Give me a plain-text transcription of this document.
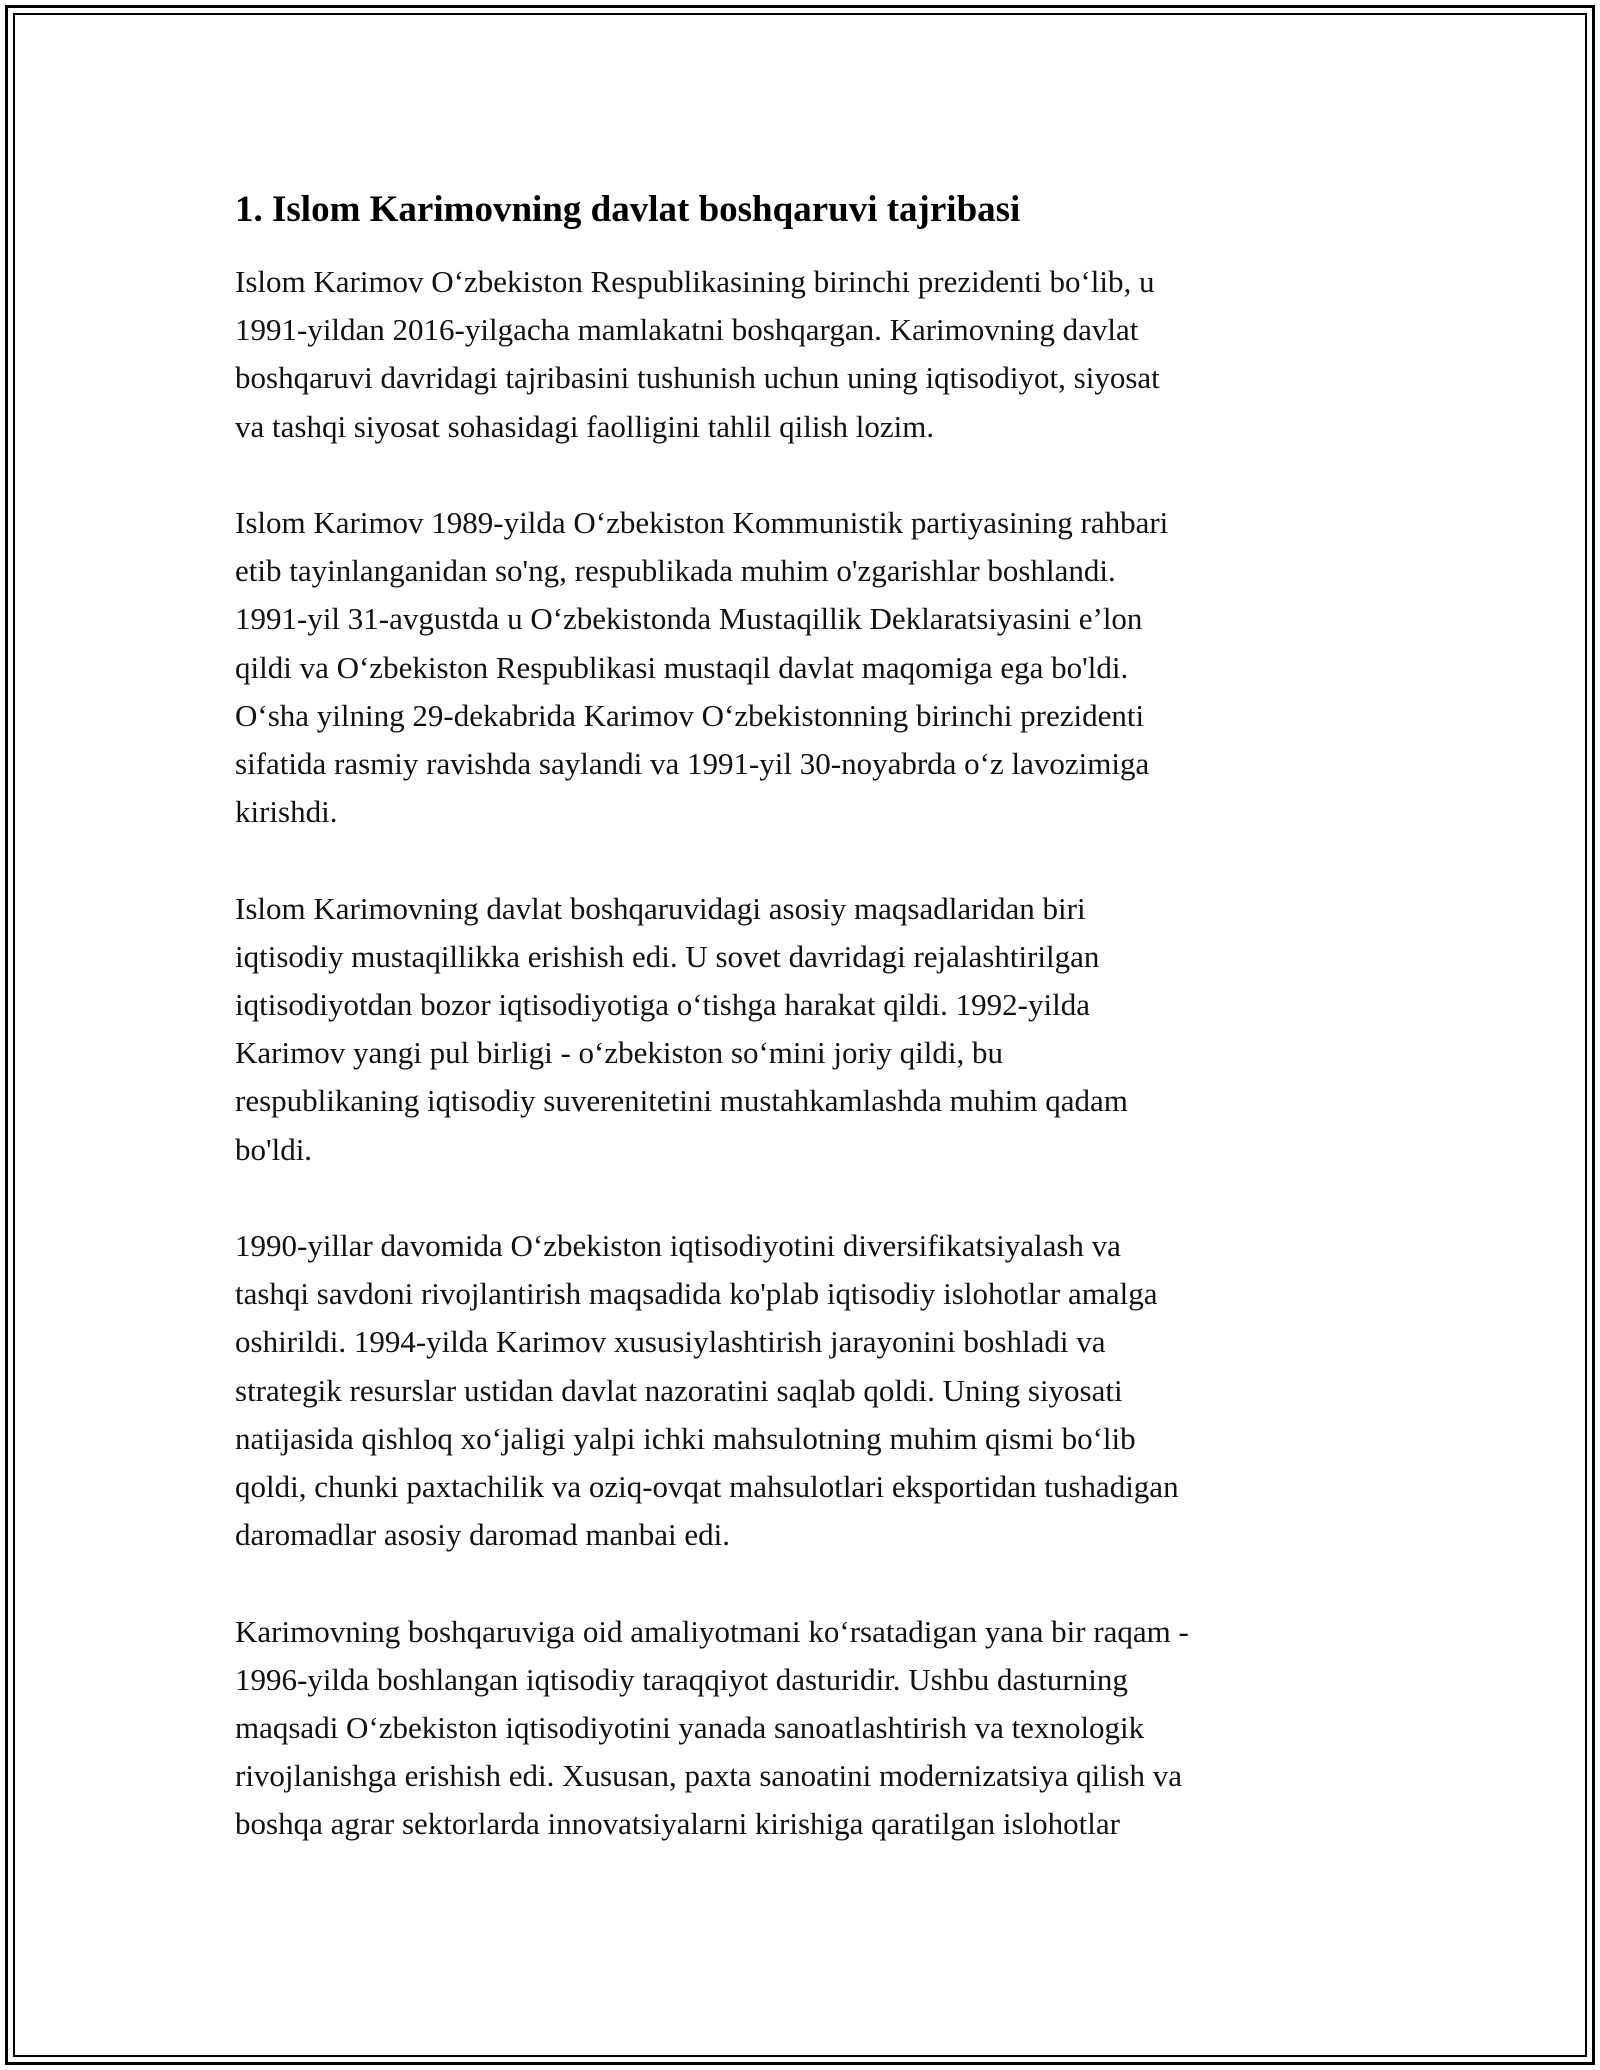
1. Islom Karimovning davlat boshqaruvi tajribasi

Islom Karimov O‘zbekiston Respublikasining birinchi prezidenti bo‘lib, u
1991-yildan 2016-yilgacha mamlakatni boshqargan. Karimovning davlat
boshqaruvi davridagi tajribasini tushunish uchun uning iqtisodiyot, siyosat
va tashqi siyosat sohasidagi faolligini tahlil qilish lozim.

Islom Karimov 1989-yilda O‘zbekiston Kommunistik partiyasining rahbari
etib tayinlanganidan so'ng, respublikada muhim o'zgarishlar boshlandi.
1991-yil 31-avgustda u O‘zbekistonda Mustaqillik Deklaratsiyasini e’lon
qildi va O‘zbekiston Respublikasi mustaqil davlat maqomiga ega bo'ldi.
O‘sha yilning 29-dekabrida Karimov O‘zbekistonning birinchi prezidenti
sifatida rasmiy ravishda saylandi va 1991-yil 30-noyabrda o‘z lavozimiga
kirishdi.

Islom Karimovning davlat boshqaruvidagi asosiy maqsadlaridan biri
iqtisodiy mustaqillikka erishish edi. U sovet davridagi rejalashtirilgan
iqtisodiyotdan bozor iqtisodiyotiga o‘tishga harakat qildi. 1992-yilda
Karimov yangi pul birligi - o‘zbekiston so‘mini joriy qildi, bu
respublikaning iqtisodiy suverenitetini mustahkamlashda muhim qadam
bo'ldi.

1990-yillar davomida O‘zbekiston iqtisodiyotini diversifikatsiyalash va
tashqi savdoni rivojlantirish maqsadida ko'plab iqtisodiy islohotlar amalga
oshirildi. 1994-yilda Karimov xususiylashtirish jarayonini boshladi va
strategik resurslar ustidan davlat nazoratini saqlab qoldi. Uning siyosati
natijasida qishloq xo‘jaligi yalpi ichki mahsulotning muhim qismi bo‘lib
qoldi, chunki paxtachilik va oziq-ovqat mahsulotlari eksportidan tushadigan
daromadlar asosiy daromad manbai edi.

Karimovning boshqaruviga oid amaliyotmani ko‘rsatadigan yana bir raqam -
1996-yilda boshlangan iqtisodiy taraqqiyot dasturidir. Ushbu dasturning
maqsadi O‘zbekiston iqtisodiyotini yanada sanoatlashtirish va texnologik
rivojlanishga erishish edi. Xususan, paxta sanoatini modernizatsiya qilish va
boshqa agrar sektorlarda innovatsiyalarni kirishiga qaratilgan islohotlar
